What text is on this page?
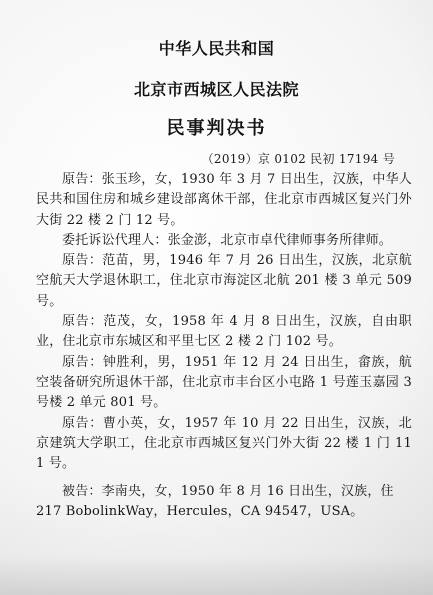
中华人民共和国
北京市西城区人民法院
民事判决书
（2019）京 0102 民初 17194 号

原告：张玉珍，女，1930 年 3 月 7 日出生，汉族，中华人民共和国住房和城乡建设部离休干部，住北京市西城区复兴门外大街 22 楼 2 门 12 号。

委托诉讼代理人：张金澎，北京市卓代律师事务所律师。

原告：范苗，男，1946 年 7 月 26 日出生，汉族，北京航空航天大学退休职工，住北京市海淀区北航 201 楼 3 单元 509 号。

原告：范茂，女，1958 年 4 月 8 日出生，汉族，自由职业，住北京市东城区和平里七区 2 楼 2 门 102 号。

原告：钟胜利，男，1951 年 12 月 24 日出生，畲族，航空装备研究所退休干部，住北京市丰台区小屯路 1 号莲玉嘉园 3 号楼 2 单元 801 号。

原告：曹小英，女，1957 年 10 月 22 日出生，汉族，北京建筑大学职工，住北京市西城区复兴门外大街 22 楼 1 门 111 号。

被告：李南央，女，1950 年 8 月 16 日出生，汉族，住
217 BobolinkWay，Hercules，CA 94547，USA。
